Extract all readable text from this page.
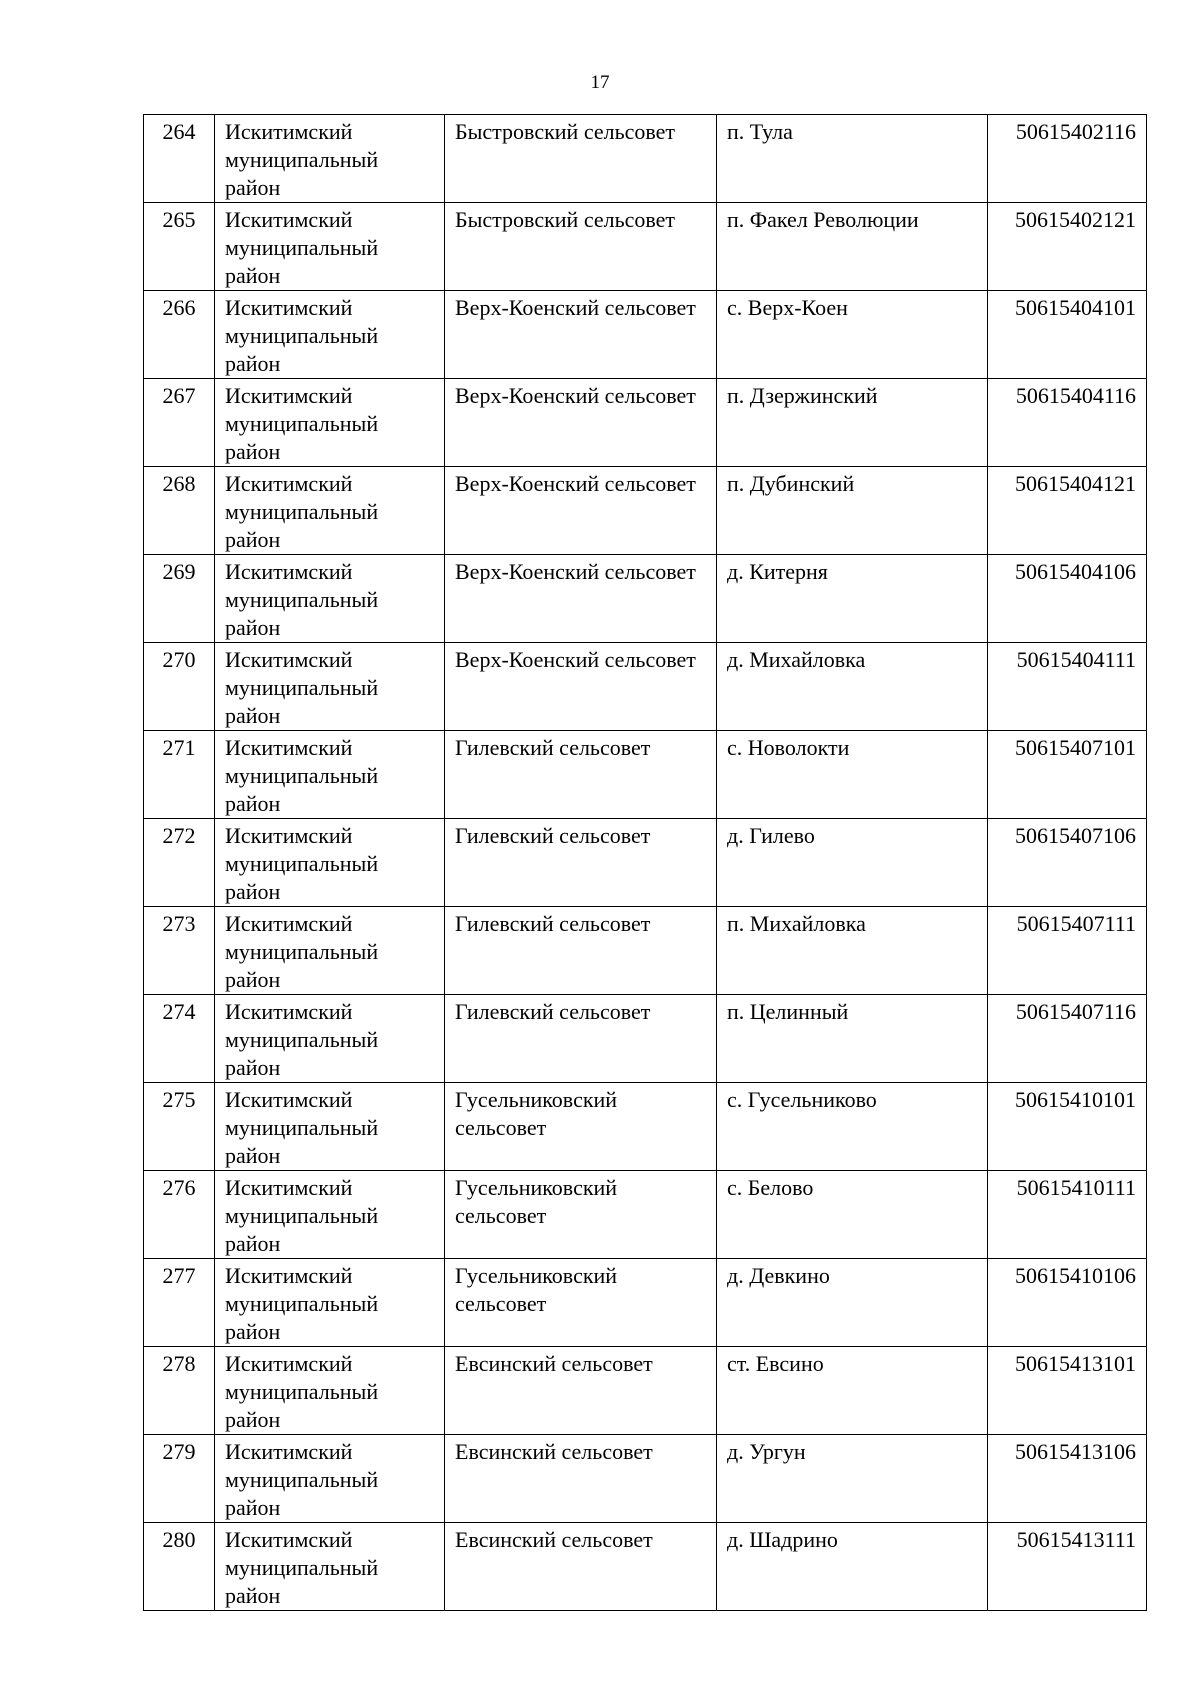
17
264	Искитимский муниципальный район	Быстровский сельсовет	п. Тула	50615402116
265	Искитимский муниципальный район	Быстровский сельсовет	п. Факел Революции	50615402121
266	Искитимский муниципальный район	Верх-Коенский сельсовет	с. Верх-Коен	50615404101
267	Искитимский муниципальный район	Верх-Коенский сельсовет	п. Дзержинский	50615404116
268	Искитимский муниципальный район	Верх-Коенский сельсовет	п. Дубинский	50615404121
269	Искитимский муниципальный район	Верх-Коенский сельсовет	д. Китерня	50615404106
270	Искитимский муниципальный район	Верх-Коенский сельсовет	д. Михайловка	50615404111
271	Искитимский муниципальный район	Гилевский сельсовет	с. Новолокти	50615407101
272	Искитимский муниципальный район	Гилевский сельсовет	д. Гилево	50615407106
273	Искитимский муниципальный район	Гилевский сельсовет	п. Михайловка	50615407111
274	Искитимский муниципальный район	Гилевский сельсовет	п. Целинный	50615407116
275	Искитимский муниципальный район	Гусельниковский сельсовет	с. Гусельниково	50615410101
276	Искитимский муниципальный район	Гусельниковский сельсовет	с. Белово	50615410111
277	Искитимский муниципальный район	Гусельниковский сельсовет	д. Девкино	50615410106
278	Искитимский муниципальный район	Евсинский сельсовет	ст. Евсино	50615413101
279	Искитимский муниципальный район	Евсинский сельсовет	д. Ургун	50615413106
280	Искитимский муниципальный район	Евсинский сельсовет	д. Шадрино	50615413111
